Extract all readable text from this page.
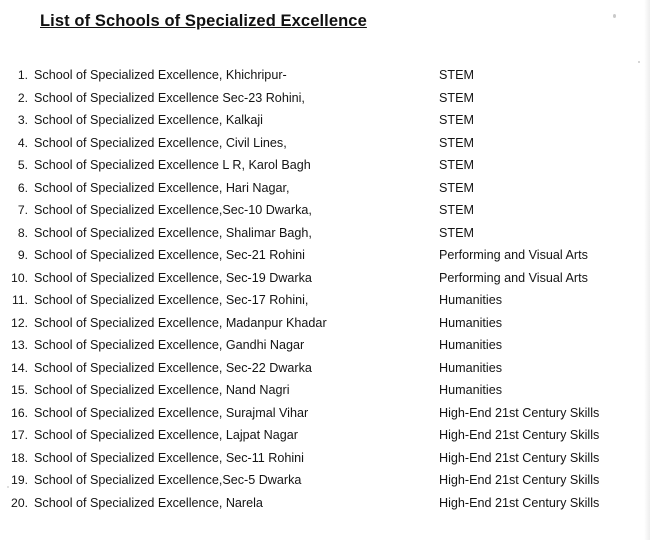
List of Schools of Specialized Excellence
1. School of Specialized Excellence, Khichripur-	STEM
2. School of Specialized Excellence Sec-23 Rohini,	STEM
3. School of Specialized Excellence, Kalkaji	STEM
4. School of Specialized Excellence, Civil Lines,	STEM
5. School of Specialized Excellence L R, Karol Bagh	STEM
6. School of Specialized Excellence, Hari Nagar,	STEM
7. School of Specialized Excellence,Sec-10 Dwarka,	STEM
8. School of Specialized Excellence, Shalimar Bagh,	STEM
9. School of Specialized Excellence, Sec-21 Rohini	Performing and Visual Arts
10. School of Specialized Excellence, Sec-19 Dwarka	Performing and Visual Arts
11. School of Specialized Excellence, Sec-17 Rohini,	Humanities
12. School of Specialized Excellence, Madanpur Khadar	Humanities
13. School of Specialized Excellence, Gandhi Nagar	Humanities
14. School of Specialized Excellence, Sec-22 Dwarka	Humanities
15. School of Specialized Excellence, Nand Nagri	Humanities
16. School of Specialized Excellence, Surajmal Vihar	High-End 21st Century Skills
17. School of Specialized Excellence, Lajpat Nagar	High-End 21st Century Skills
18. School of Specialized Excellence, Sec-11 Rohini	High-End 21st Century Skills
19. School of Specialized Excellence,Sec-5 Dwarka	High-End 21st Century Skills
20. School of Specialized Excellence, Narela	High-End 21st Century Skills
